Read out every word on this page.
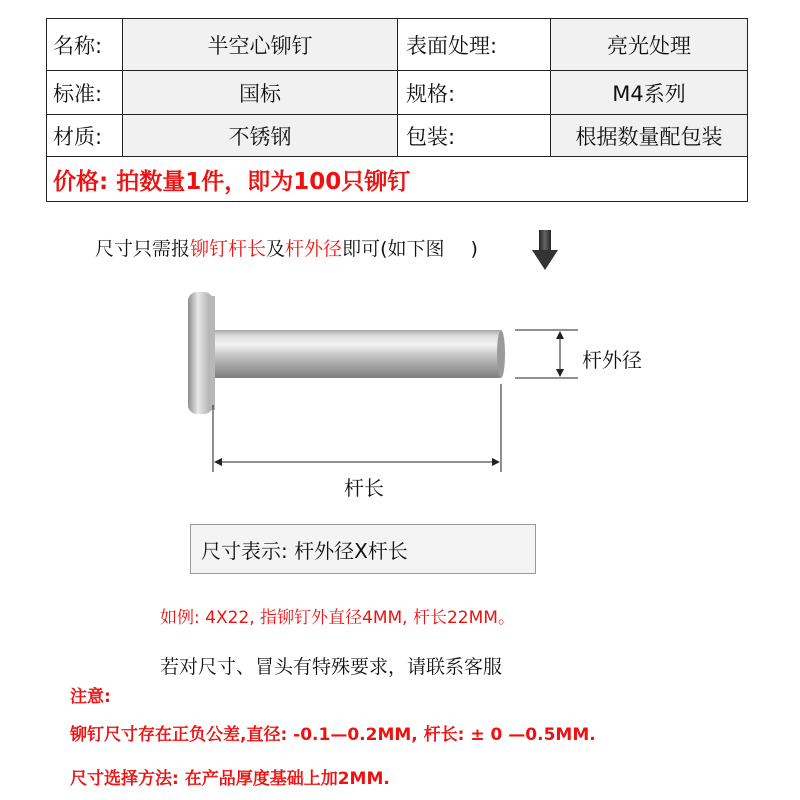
名称:	半空心铆钉	表面处理:	亮光处理
标准:	国标	规格:	M4系列
材质:	不锈钢	包装:	根据数量配包装
价格: 拍数量1件，即为100只铆钉
尺寸只需报铆钉杆长及杆外径即可(如下图 )
杆外径
杆长
尺寸表示: 杆外径X杆长
如例: 4X22, 指铆钉外直径4MM, 杆长22MM。
若对尺寸、冒头有特殊要求，请联系客服
注意:
铆钉尺寸存在正负公差,直径: -0.1—0.2MM, 杆长: ± 0 —0.5MM.
尺寸选择方法: 在产品厚度基础上加2MM.
